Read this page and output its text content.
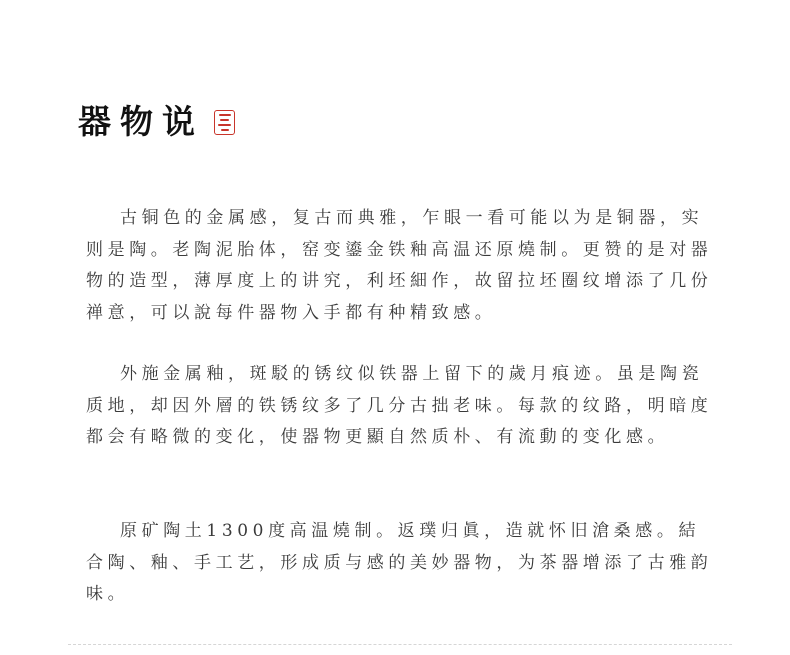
器物说

古铜色的金属感，复古而典雅，乍眼一看可能以为是铜器，实则是陶。老陶泥胎体，窑变鎏金铁釉高温还原燒制。更赞的是对器物的造型，薄厚度上的讲究，利坯細作，故留拉坯圈纹增添了几份禅意，可以說每件器物入手都有种精致感。

外施金属釉，斑駁的锈纹似铁器上留下的歲月痕迹。虽是陶瓷质地，却因外層的铁锈纹多了几分古拙老味。每款的纹路，明暗度都会有略微的变化，使器物更顯自然质朴、有流動的变化感。

原矿陶土1300度高温燒制。返璞归眞，造就怀旧滄桑感。結合陶、釉、手工艺，形成质与感的美妙器物，为茶器增添了古雅韵味。
